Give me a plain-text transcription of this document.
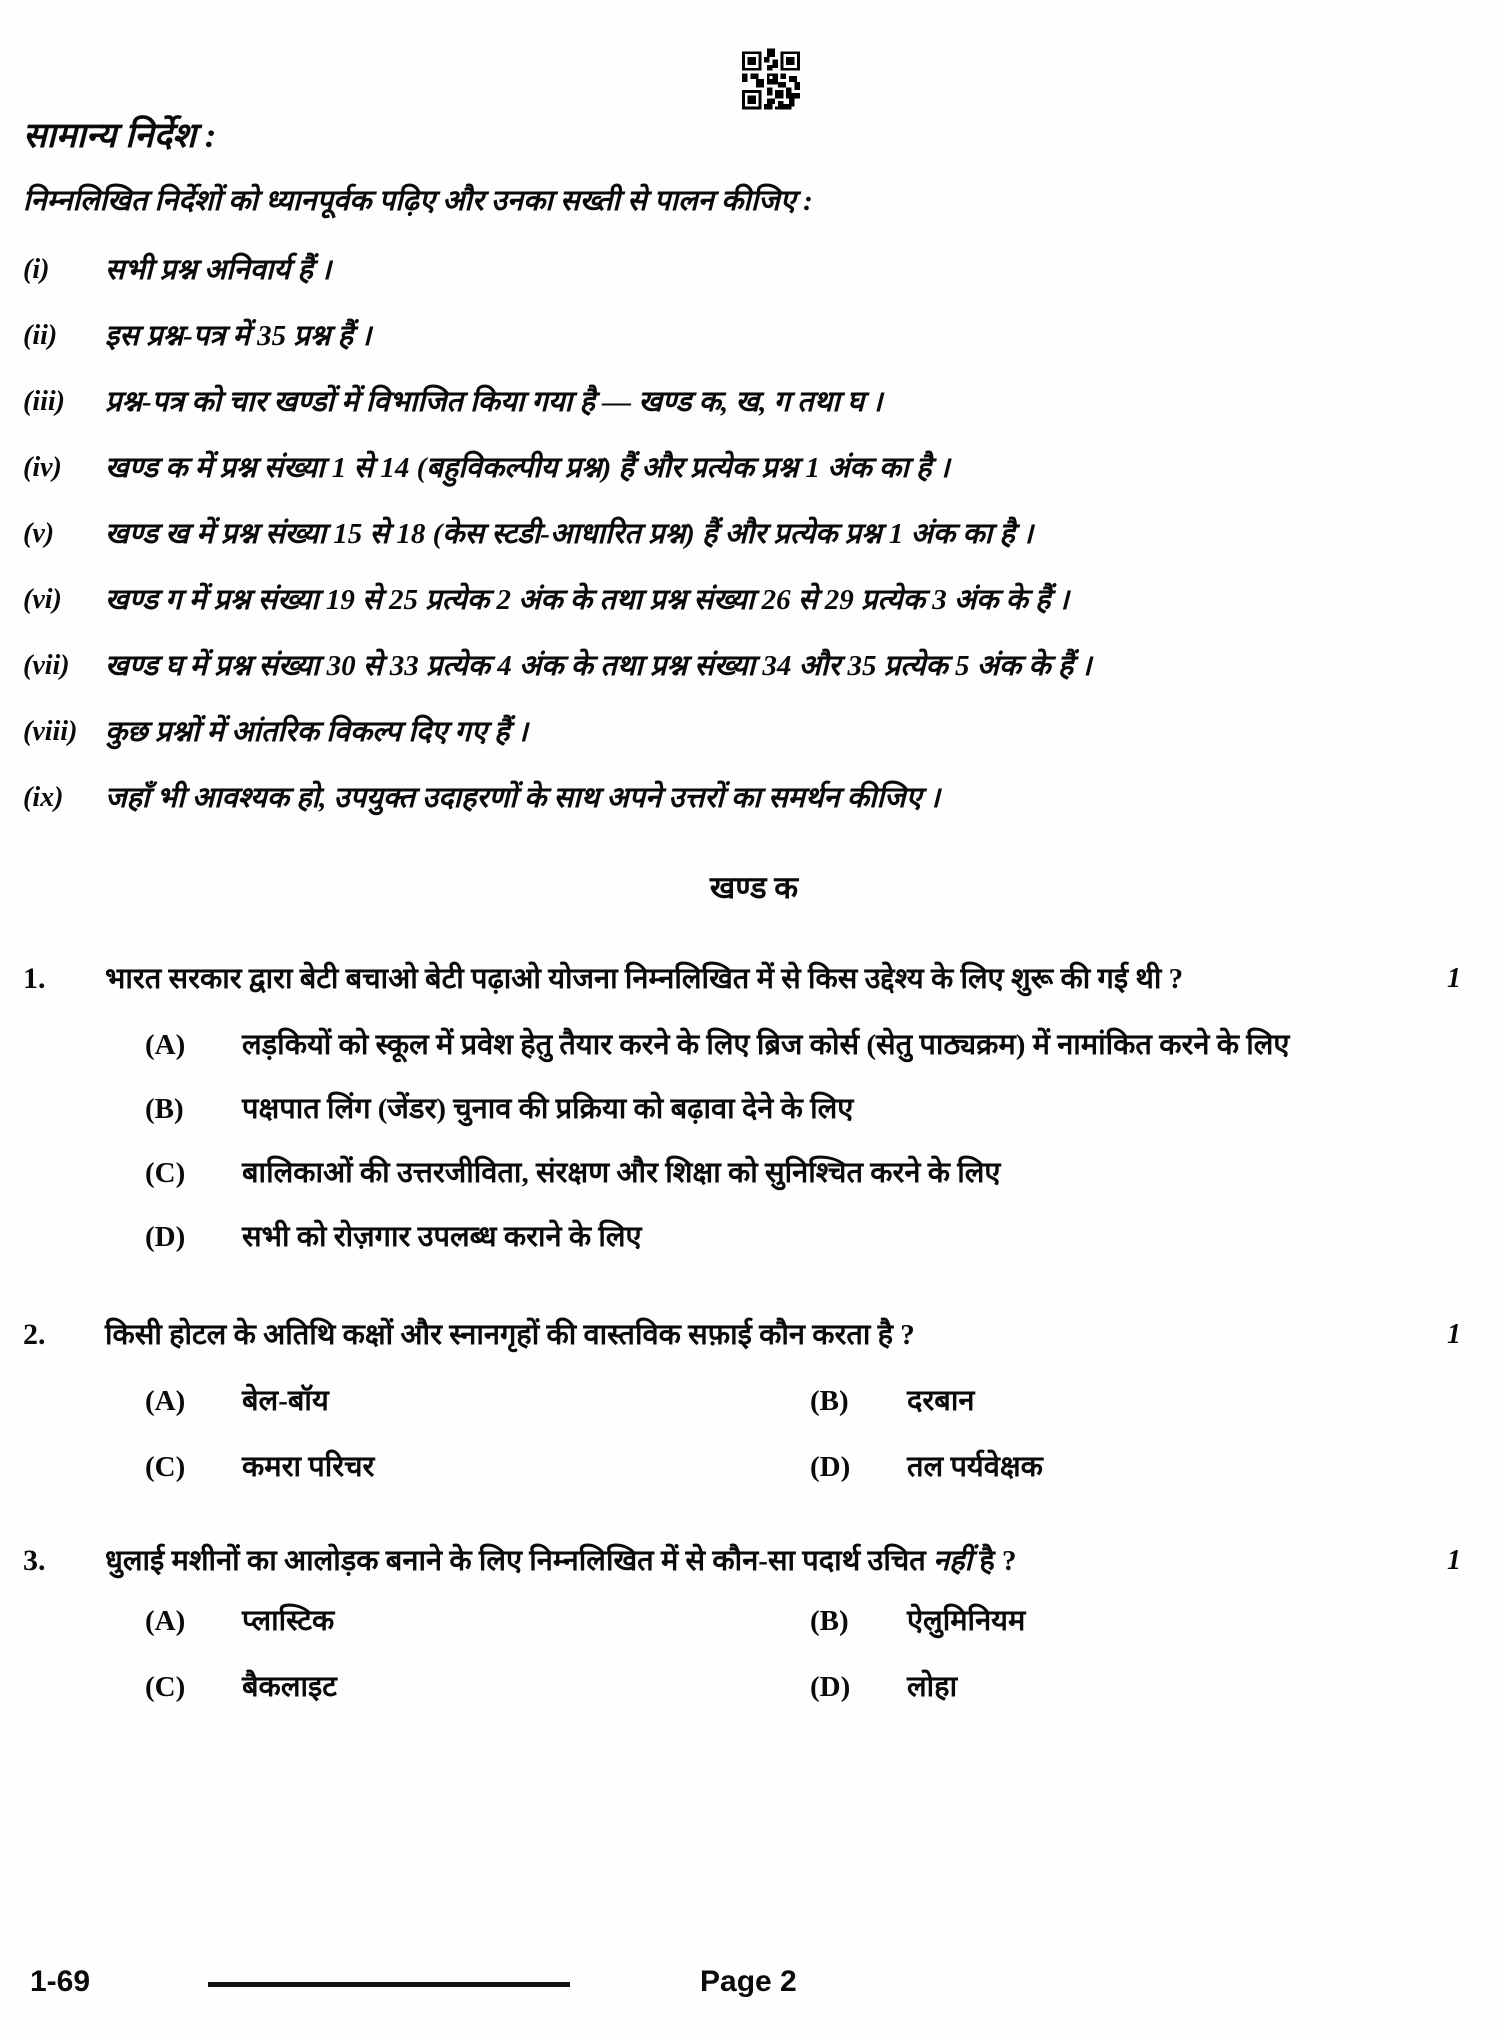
सामान्य निर्देश :
निम्नलिखित निर्देशों को ध्यानपूर्वक पढ़िए और उनका सख्ती से पालन कीजिए :
(i)	सभी प्रश्न अनिवार्य हैं ।
(ii)	इस प्रश्न-पत्र में 35 प्रश्न हैं ।
(iii)	प्रश्न-पत्र को चार खण्डों में विभाजित किया गया है — खण्ड क, ख, ग तथा घ ।
(iv)	खण्ड क में प्रश्न संख्या 1 से 14 (बहुविकल्पीय प्रश्न) हैं और प्रत्येक प्रश्न 1 अंक का है ।
(v)	खण्ड ख में प्रश्न संख्या 15 से 18 (केस स्टडी-आधारित प्रश्न) हैं और प्रत्येक प्रश्न 1 अंक का है ।
(vi)	खण्ड ग में प्रश्न संख्या 19 से 25 प्रत्येक 2 अंक के तथा प्रश्न संख्या 26 से 29 प्रत्येक 3 अंक के हैं ।
(vii)	खण्ड घ में प्रश्न संख्या 30 से 33 प्रत्येक 4 अंक के तथा प्रश्न संख्या 34 और 35 प्रत्येक 5 अंक के हैं ।
(viii) कुछ प्रश्नों में आंतरिक विकल्प दिए गए हैं ।
(ix)	जहाँ भी आवश्यक हो, उपयुक्त उदाहरणों के साथ अपने उत्तरों का समर्थन कीजिए ।
खण्ड क
1.	भारत सरकार द्वारा बेटी बचाओ बेटी पढ़ाओ योजना निम्नलिखित में से किस उद्देश्य के लिए शुरू की गई थी ?	1
(A)	लड़कियों को स्कूल में प्रवेश हेतु तैयार करने के लिए ब्रिज कोर्स (सेतु पाठ्यक्रम) में नामांकित करने के लिए
(B)	पक्षपात लिंग (जेंडर) चुनाव की प्रक्रिया को बढ़ावा देने के लिए
(C)	बालिकाओं की उत्तरजीविता, संरक्षण और शिक्षा को सुनिश्चित करने के लिए
(D)	सभी को रोज़गार उपलब्ध कराने के लिए
2.	किसी होटल के अतिथि कक्षों और स्नानगृहों की वास्तविक सफ़ाई कौन करता है ?	1
(A)	बेल-बॉय	(B)	दरबान
(C)	कमरा परिचर	(D)	तल पर्यवेक्षक
3.	धुलाई मशीनों का आलोड़क बनाने के लिए निम्नलिखित में से कौन-सा पदार्थ उचित नहीं है ?	1
(A)	प्लास्टिक	(B)	ऐलुमिनियम
(C)	बैकलाइट	(D)	लोहा
1-69	Page 2
